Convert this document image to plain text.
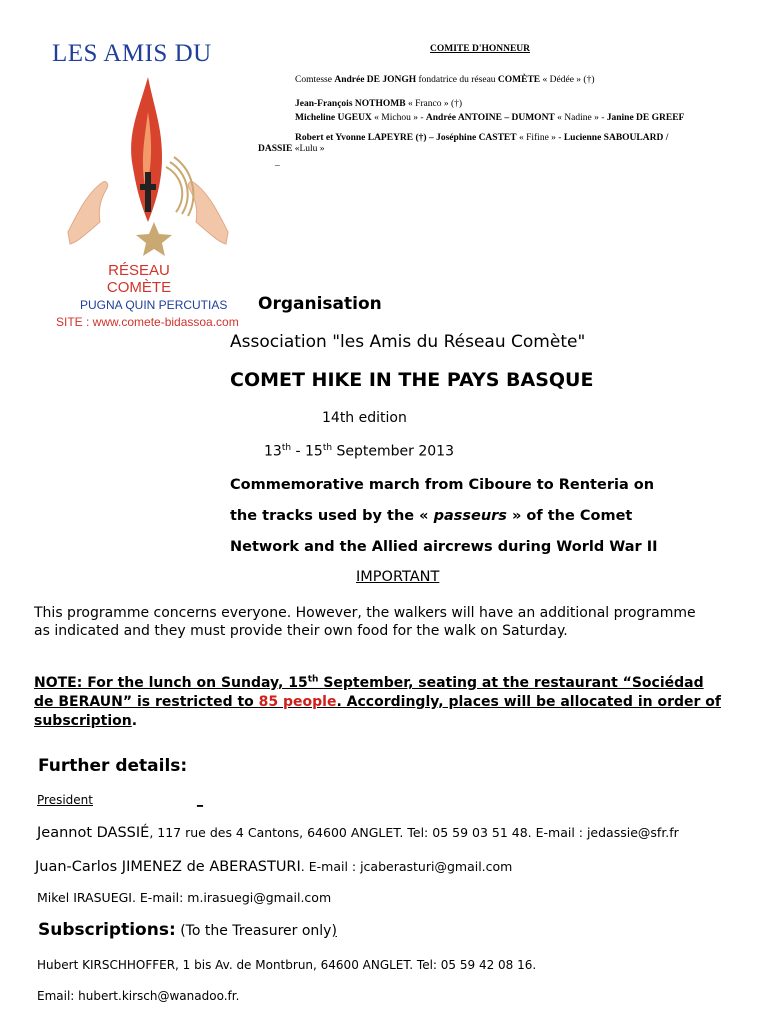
LES AMIS DU
RÉSEAU
COMÈTE
PUGNA QUIN PERCUTIAS
SITE : www.comete-bidassoa.com
COMITE D'HONNEUR
Comtesse Andrée DE JONGH fondatrice du réseau COMÈTE « Dédée » (†)
Jean-François NOTHOMB « Franco » (†)
Micheline UGEUX « Michou » - Andrée ANTOINE – DUMONT « Nadine » - Janine DE GREEF
Robert et Yvonne LAPEYRE (†) – Joséphine CASTET « Fifine » - Lucienne SABOULARD /
DASSIE «Lulu »
_
Organisation
Association "les Amis du Réseau Comète"
COMET HIKE IN THE PAYS BASQUE
14th edition
13th - 15th September 2013
Commemorative march from Ciboure to Renteria on
the tracks used by the « passeurs » of the Comet
Network and the Allied aircrews during World War II
IMPORTANT
This programme concerns everyone. However, the walkers will have an additional programme as indicated and they must provide their own food for the walk on Saturday.
NOTE: For the lunch on Sunday, 15th September, seating at the restaurant “Sociédad de BERAUN” is restricted to 85 people. Accordingly, places will be allocated in order of subscription.
Further details:
President	_
Jeannot DASSIÉ, 117 rue des 4 Cantons, 64600 ANGLET. Tel: 05 59 03 51 48. E-mail : jedassie@sfr.fr
Juan-Carlos JIMENEZ de ABERASTURI. E-mail : jcaberasturi@gmail.com
Mikel IRASUEGI. E-mail: m.irasuegi@gmail.com
Subscriptions: (To the Treasurer only)
Hubert KIRSCHHOFFER, 1 bis Av. de Montbrun, 64600 ANGLET. Tel: 05 59 42 08 16.
Email: hubert.kirsch@wanadoo.fr.
